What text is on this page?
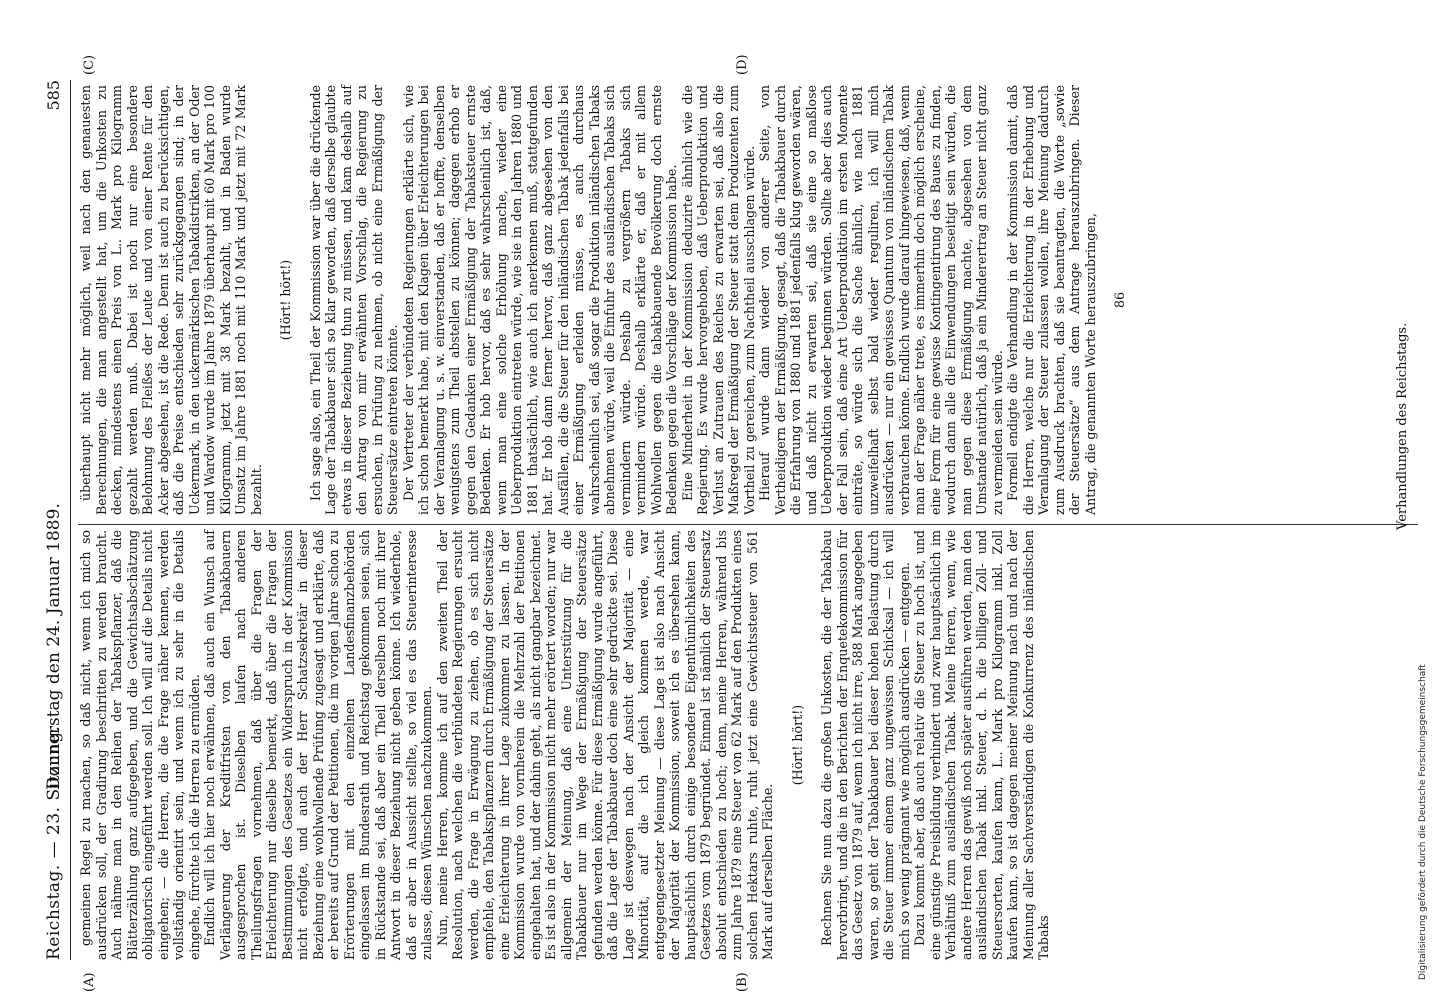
Reichstag. — 23. Sitzung.
Donnerstag den 24. Januar 1889.
585
(A)	(B)
(C)	(D)

gemeinen Regel zu machen, so daß nicht, wenn ich mich so ausdrücken soll, der Gradirung beschritten zu werden braucht. Auch nähme man in den Reihen der Tabakspflanzer, daß die Blätterzählung ganz aufgegeben, und die Gewichtsabschätzung obligatorisch eingeführt werden soll. Ich will auf die Details nicht eingehen; — die Herren, die die Frage näher kennen, werden vollständig orientirt sein, und wenn ich zu sehr in die Details eingehe, fürchte ich die Herren zu ermüden. Endlich will ich hier noch erwähnen, daß auch ein Wunsch auf Verlängerung der Kreditfristen von den Tabakbauern ausgesprochen ist. Dieselben laufen nach anderen Theilungsfragen vornehmen, daß über die Fragen der Erleichterung nur dieselbe bemerkt, daß über die Fragen der Bestimmungen des Gesetzes ein Widerspruch in der Kommission nicht erfolgte, und auch der Herr Schatzsekretär in dieser Beziehung eine wohlwollende Prüfung zugesagt und erklärte, daß er bereits auf Grund der Petitionen, die im vorigen Jahre schon zu Erörterungen mit den einzelnen Landesfinanzbehörden eingelassen im Bundesrath und Reichstag gekommen seien, sich in Rückstande sei, daß aber ein Theil derselben noch mit ihrer Antwort in dieser Beziehung nicht geben könne. Ich wiederhole, daß er aber in Aussicht stellte, so viel es das Steuerinteresse zulasse, diesen Wünschen nachzukommen. Nun, meine Herren, komme ich auf den zweiten Theil der Resolution, nach welchen die verbündeten Regierungen ersucht werden, die Frage in Erwägung zu ziehen, ob es sich nicht empfehle, den Tabakspflanzern durch Ermäßigung der Steuersätze eine Erleichterung in ihrer Lage zukommen zu lassen. In der Kommission wurde von vornherein die Mehrzahl der Petitionen eingehalten hat, und der dahin geht, als nicht gangbar bezeichnet. Es ist also in der Kommission nicht mehr erörtert worden; nur war allgemein der Meinung, daß eine Unterstützung für die Tabakbauer nur im Wege der Ermäßigung der Steuersätze gefunden werden könne. Für diese Ermäßigung wurde angeführt, daß die Lage der Tabakbauer doch eine sehr gedrückte sei. Diese Lage ist deswegen nach der Ansicht der Majorität — eine Minorität, auf die ich gleich kommen werde, war entgegengesetzter Meinung — diese Lage ist also nach Ansicht der Majorität der Kommission, soweit ich es übersehen kann, hauptsächlich durch einige besondere Eigenthümlichkeiten des Gesetzes vom 1879 begründet. Einmal ist nämlich der Steuersatz absolut entschieden zu hoch; denn, meine Herren, während bis zum Jahre 1879 eine Steuer von 62 Mark auf den Produkten eines solchen Hektars ruhte, ruht jetzt eine Gewichtssteuer von 561 Mark auf derselben Fläche.

(Hört! hört!) Rechnen Sie nun dazu die großen Unkosten, die der Tabakbau hervorbringt, und die in den Berichten der Enquetekommission für das Gesetz von 1879 auf, wenn ich nicht irre, 588 Mark angegeben waren, so geht der Tabakbauer bei dieser hohen Belastung durch die Steuer immer einem ganz ungewissen Schicksal — ich will mich so wenig prägnant wie möglich ausdrücken — entgegen. Dazu kommt aber, daß auch relativ die Steuer zu hoch ist, und eine günstige Preisbildung verhindert und zwar hauptsächlich im Verhältniß zum ausländischen Tabak. Meine Herren, wenn, wie andere Herren das gewiß noch später ausführen werden, man den ausländischen Tabak inkl. Steuer, d. h. die billigen Zoll- und Steuersorten, kaufen kann, L.. Mark pro Kilogramm inkl. Zoll kaufen kann, so ist dagegen meiner Meinung nach und nach der Meinung aller Sachverständigen die Konkurrenz des inländischen Tabaks

überhaupt nicht mehr möglich, weil nach den genauesten Berechnungen, die man angestellt hat, um die Unkosten zu decken, mindestens einen Preis von L.. Mark pro Kilogramm gezahlt werden muß. Dabei ist noch nur eine besondere Belohnung des Fleißes der Leute und von einer Rente für den Acker abgesehen, ist die Rede. Denn ist auch zu berücksichtigen, daß die Preise entschieden sehr zurückgegangen sind; in der Uckermark, in den uckermärkischen Tabakdistrikten, an der Oder und Wardow wurde im Jahre 1879 überhaupt mit 60 Mark pro 100 Kilogramm, jetzt mit 38 Mark bezahlt, und in Baden wurde Umsatz im Jahre 1881 noch mit 110 Mark und jetzt mit 72 Mark bezahlt.

(Hört! hört!) Ich sage also, ein Theil der Kommission war über die drückende Lage der Tabakbauer sich so klar geworden, daß derselbe glaubte etwas in dieser Beziehung thun zu müssen, und kam deshalb auf den Antrag von mir erwähnten Vorschlag, die Regierung zu ersuchen, in Prüfung zu nehmen, ob nicht eine Ermäßigung der Steuersätze eintreten könnte. Der Vertreter der verbündeten Regierungen erklärte sich, wie ich schon bemerkt habe, mit den Klagen über Erleichterungen bei der Veranlagung u. s. w. einverstanden, daß er hoffte, denselben wenigstens zum Theil abstellen zu können; dagegen erhob er gegen den Gedanken einer Ermäßigung der Tabaksteuer ernste Bedenken. Er hob hervor, daß es sehr wahrscheinlich ist, daß, wenn man eine solche Erhöhung mache, wieder eine Ueberproduktion eintreten würde, wie sie in den Jahren 1880 und 1881 thatsächlich, wie auch ich anerkennen muß, stattgefunden hat. Er hob dann ferner hervor, daß ganz abgesehen von den Ausfällen, die die Steuer für den inländischen Tabak jedenfalls bei einer Ermäßigung erleiden müsse, es auch durchaus wahrscheinlich sei, daß sogar die Produktion inländischen Tabaks abnehmen würde, weil die Einfuhr des ausländischen Tabaks sich vermindern würde. Deshalb zu vergrößern Tabaks sich vermindern würde. Deshalb erklärte er, daß er mit allem Wohlwollen gegen die tabakbauende Bevölkerung doch ernste Bedenken gegen die Vorschläge der Kommission habe. Eine Minderheit in der Kommission deduzirte ähnlich wie die Regierung. Es wurde hervorgehoben, daß Ueberproduktion und Verlust an Zutrauen des Reiches zu erwarten sei, daß also die Maßregel der Ermäßigung der Steuer statt dem Produzenten zum Vortheil zu gereichen, zum Nachtheil ausschlagen würde. Hierauf wurde dann wieder von anderer Seite, von Vertheidigern der Ermäßigung, gesagt, daß die Tabakbauer durch die Erfahrung von 1880 und 1881 jedenfalls klug geworden wären, und daß nicht zu erwarten sei, daß sie eine so maßlose Ueberproduktion wieder beginnen würden. Sollte aber dies auch der Fall sein, daß eine Art Ueberproduktion im ersten Momente einträte, so würde sich die Sache ähnlich, wie nach 1881 unzweifelhaft selbst bald wieder reguliren, ich will mich ausdrücken — nur ein gewisses Quantum von inländischem Tabak verbrauchen könne. Endlich wurde darauf hingewiesen, daß, wenn man der Frage näher trete, es immerhin doch möglich erscheine, eine Form für eine gewisse Kontingentirung des Baues zu finden, wodurch dann alle die Einwendungen beseitigt sein würden, die man gegen diese Ermäßigung machte, abgesehen von dem Umstande natürlich, daß ja ein Minderertrag an Steuer nicht ganz zu vermeiden sein würde. Formell endigte die Verhandlung in der Kommission damit, daß die Herren, welche nur die Erleichterung in der Erhebung und Veranlagung der Steuer zulassen wollen, ihre Meinung dadurch zum Ausdruck brachten, daß sie beantragten, die Worte „sowie der Steuersätze“ aus dem Antrage herauszubringen. Dieser Antrag, die genannten Worte herauszubringen, 86

Verhandlungen des Reichstags.
Digitalisierung gefördert durch die Deutsche Forschungsgemeinschaft
